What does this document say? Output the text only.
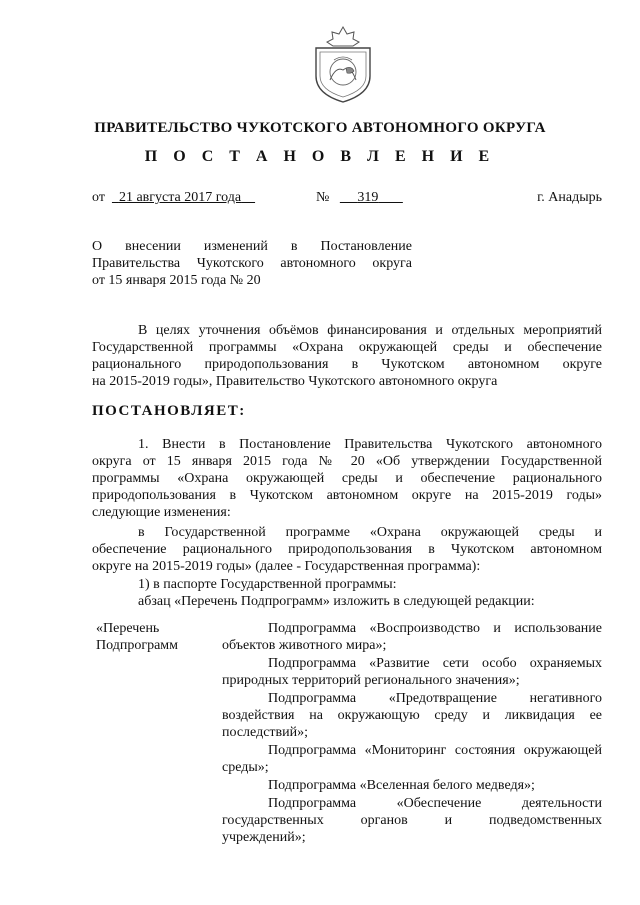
ПРАВИТЕЛЬСТВО ЧУКОТСКОГО АВТОНОМНОГО ОКРУГА
П О С Т А Н О В Л Е Н И Е
от 21 августа 2017 года	№ 319	г. Анадырь
О внесении изменений в Постановление
Правительства Чукотского автономного округа
от 15 января 2015 года № 20
В целях уточнения объёмов финансирования и отдельных мероприятий
Государственной программы «Охрана окружающей среды и обеспечение
рационального природопользования в Чукотском автономном округе
на 2015-2019 годы», Правительство Чукотского автономного округа
ПОСТАНОВЛЯЕТ:
1. Внести в Постановление Правительства Чукотского автономного
округа от 15 января 2015 года № 20 «Об утверждении Государственной
программы «Охрана окружающей среды и обеспечение рационального
природопользования в Чукотском автономном округе на 2015-2019 годы»
следующие изменения:
в Государственной программе «Охрана окружающей среды и
обеспечение рационального природопользования в Чукотском автономном
округе на 2015-2019 годы» (далее - Государственная программа):
1) в паспорте Государственной программы:
абзац «Перечень Подпрограмм» изложить в следующей редакции:
«Перечень
Подпрограмм
Подпрограмма «Воспроизводство и использование
объектов животного мира»;
Подпрограмма «Развитие сети особо охраняемых
природных территорий регионального значения»;
Подпрограмма «Предотвращение негативного
воздействия на окружающую среду и ликвидация ее
последствий»;
Подпрограмма «Мониторинг состояния окружающей
среды»;
Подпрограмма «Вселенная белого медведя»;
Подпрограмма «Обеспечение деятельности
государственных органов и подведомственных
учреждений»;
